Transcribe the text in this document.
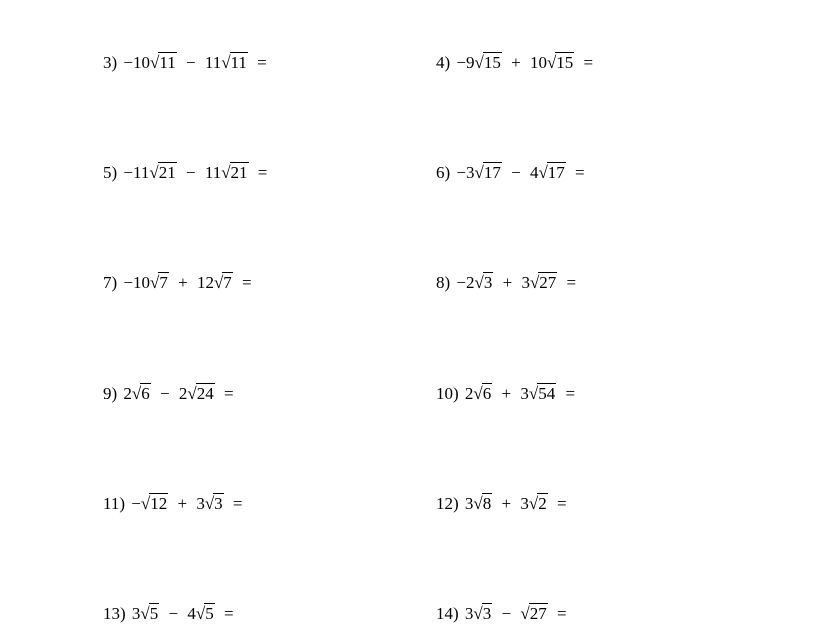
3) −10√11 − 11√11 =	4) −9√15 + 10√15 =
5) −11√21 − 11√21 =	6) −3√17 − 4√17 =
7) −10√7 + 12√7 =	8) −2√3 + 3√27 =
9) 2√6 − 2√24 =	10) 2√6 + 3√54 =
11) −√12 + 3√3 =	12) 3√8 + 3√2 =
13) 3√5 − 4√5 =	14) 3√3 − √27 =
